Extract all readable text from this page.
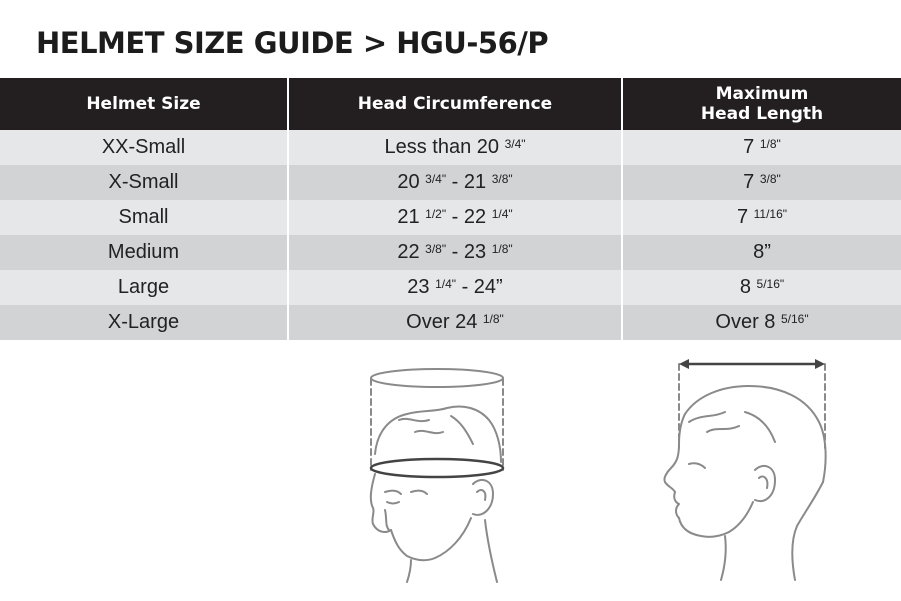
HELMET SIZE GUIDE > HGU-56/P
Helmet Size	Head Circumference	Maximum
Head Length
XX-Small	Less than 20 $^{3/4"}$	7 $^{1/8"}$
X-Small	20 $^{3/4"}$ - 21 $^{3/8"}$	7 $^{3/8"}$
Small	21 $^{1/2"}$ - 22 $^{1/4"}$	7 $^{11/16"}$
Medium	22 $^{3/8"}$ - 23 $^{1/8"}$	8”
Large	23 $^{1/4"}$ - 24”	8 $^{5/16"}$
X-Large	Over 24 $^{1/8"}$	Over 8 $^{5/16"}$
